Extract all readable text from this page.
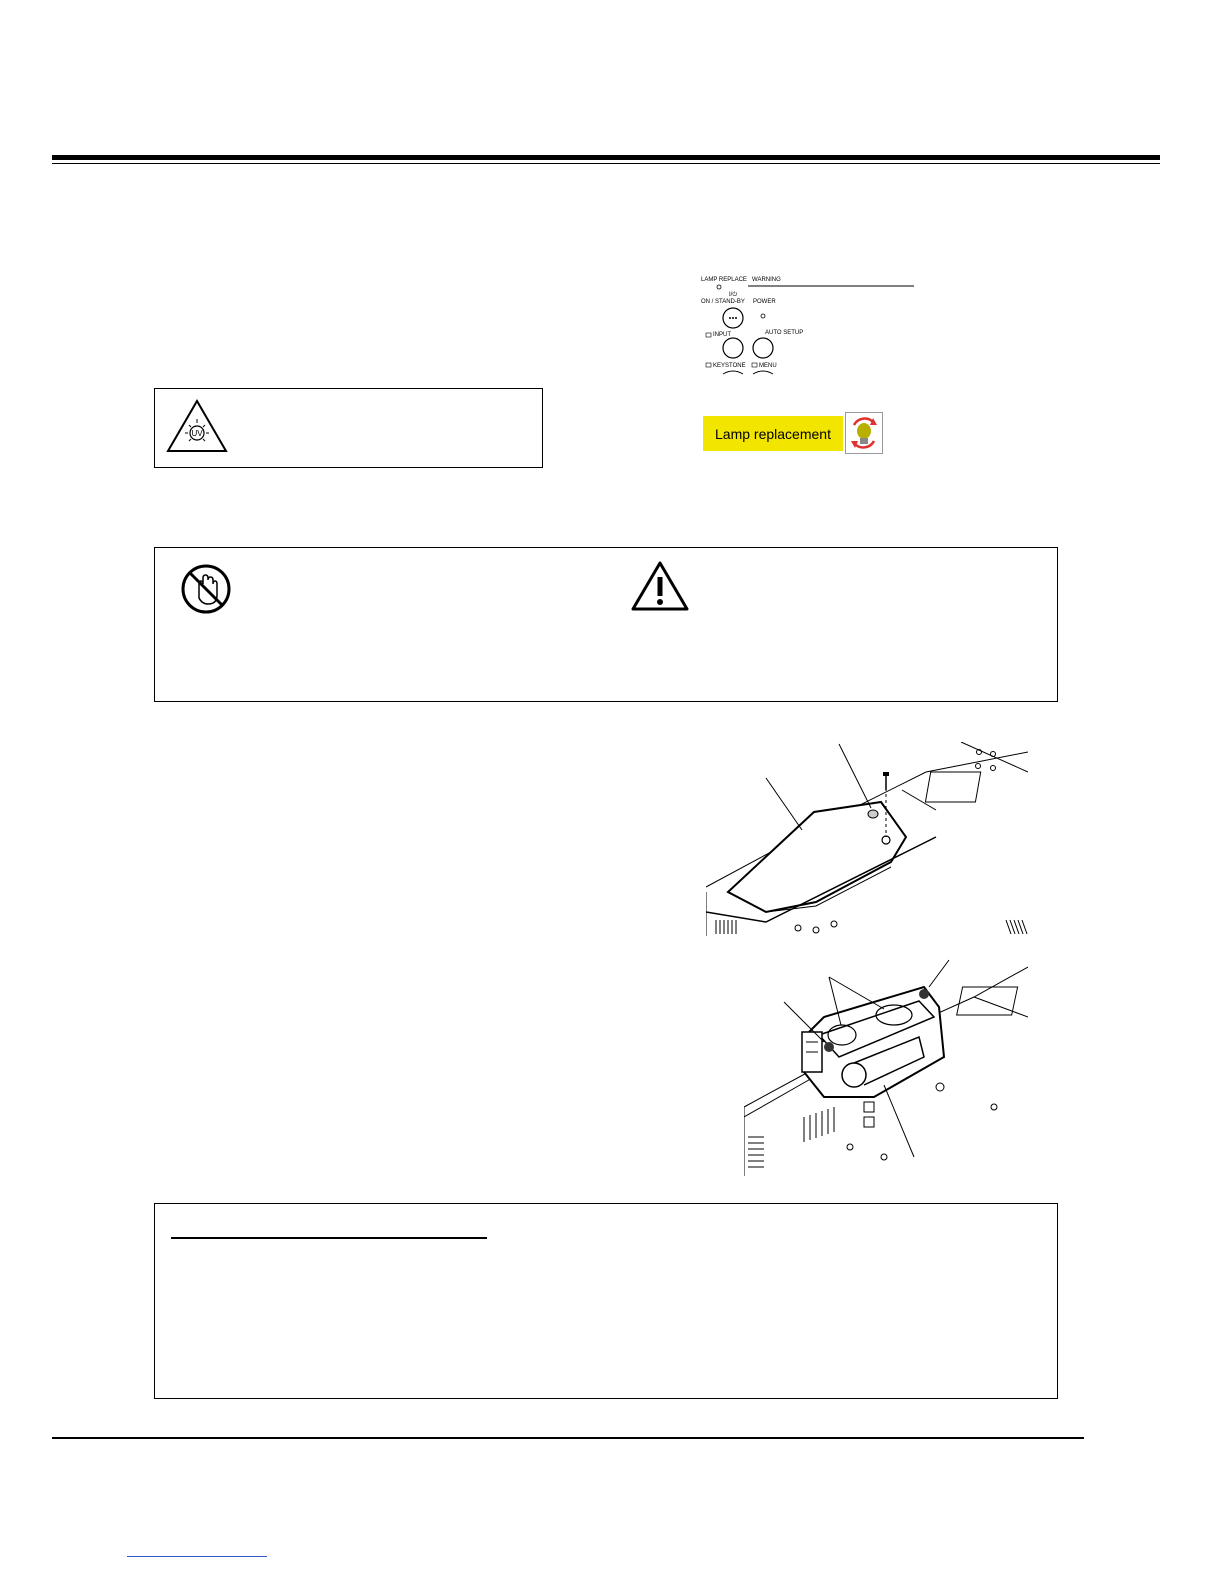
UV
LAMP REPLACE WARNING
I/⏻
ON / STAND-BY POWER
INPUT	AUTO SETUP
KEYSTONE MENU
Lamp replacement
